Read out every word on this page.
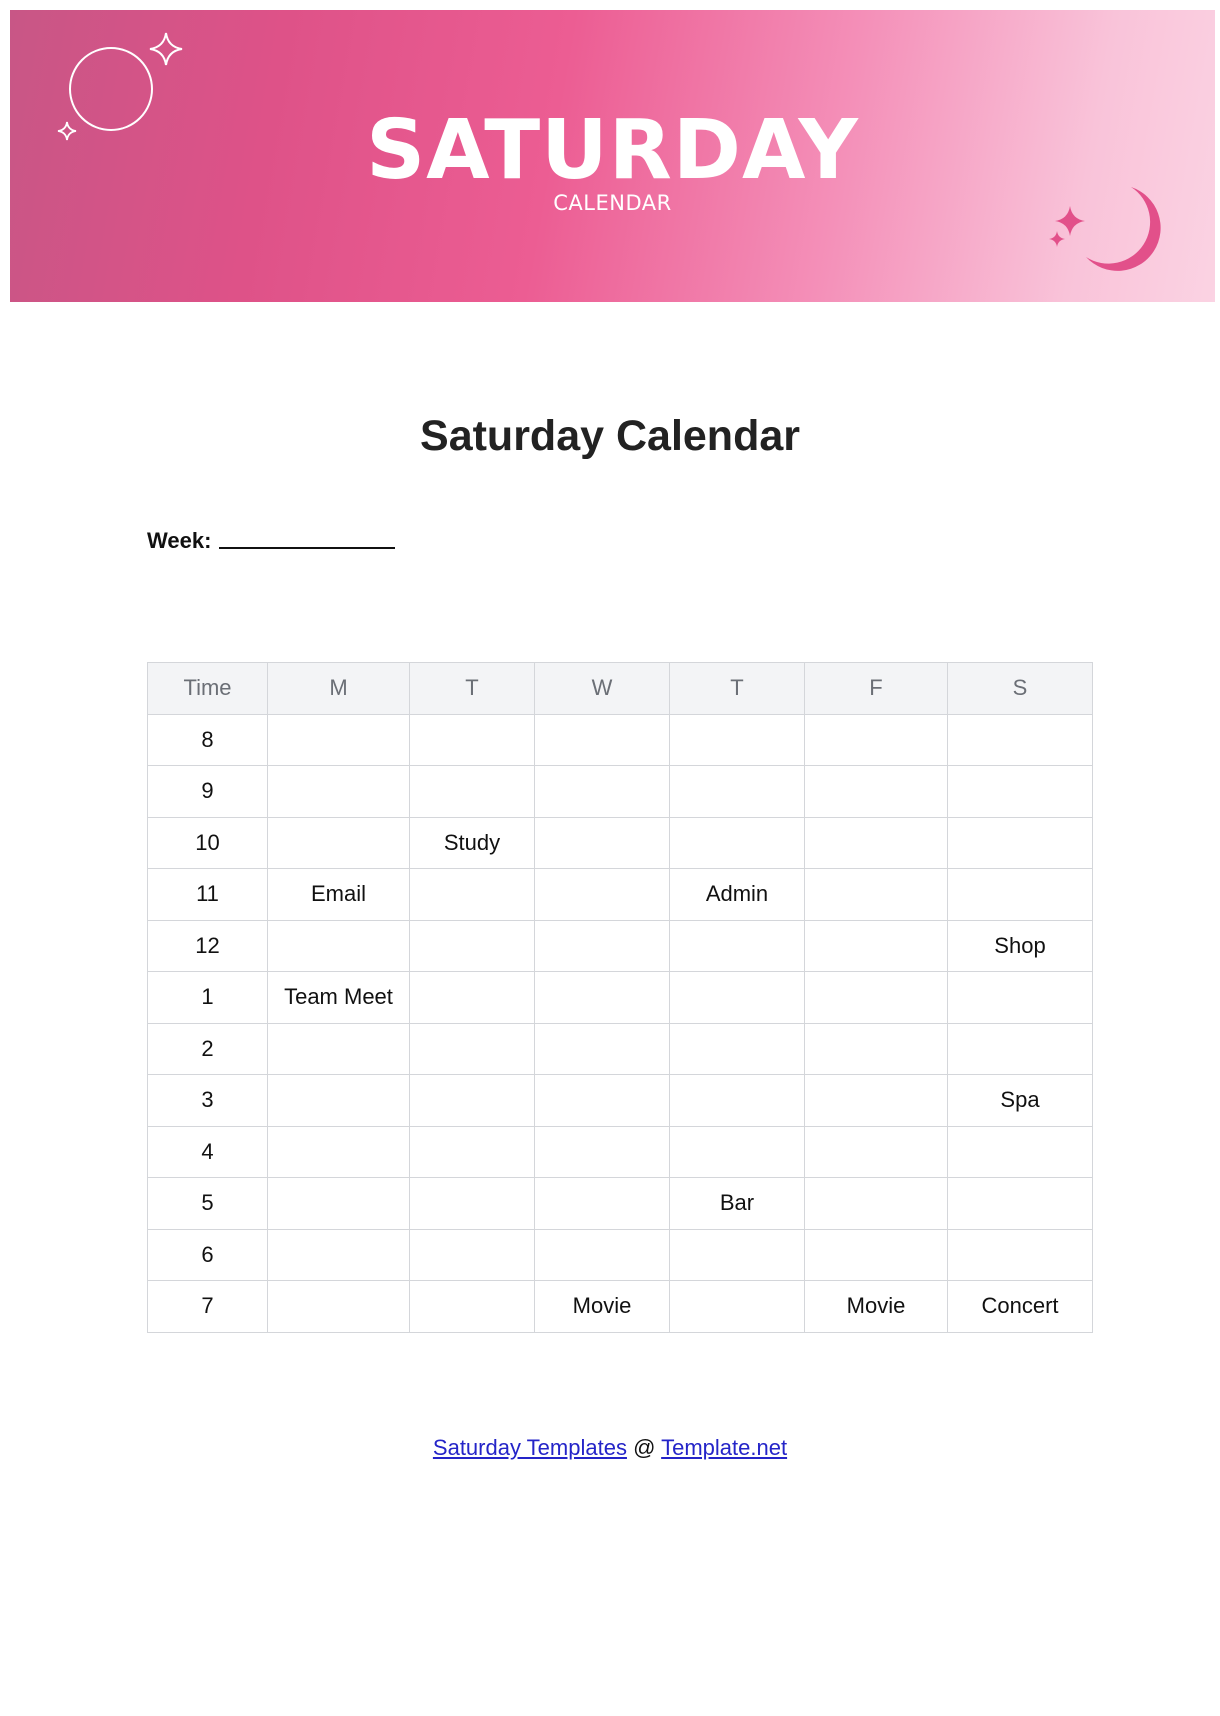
SATURDAY
CALENDAR
Saturday Calendar
Week:
Time	M	T	W	T	F	S
8						
9						
10		Study				
11	Email			Admin		
12						Shop
1	Team Meet					
2						
3						Spa
4						
5				Bar		
6						
7			Movie		Movie	Concert
Saturday Templates @ Template.net
